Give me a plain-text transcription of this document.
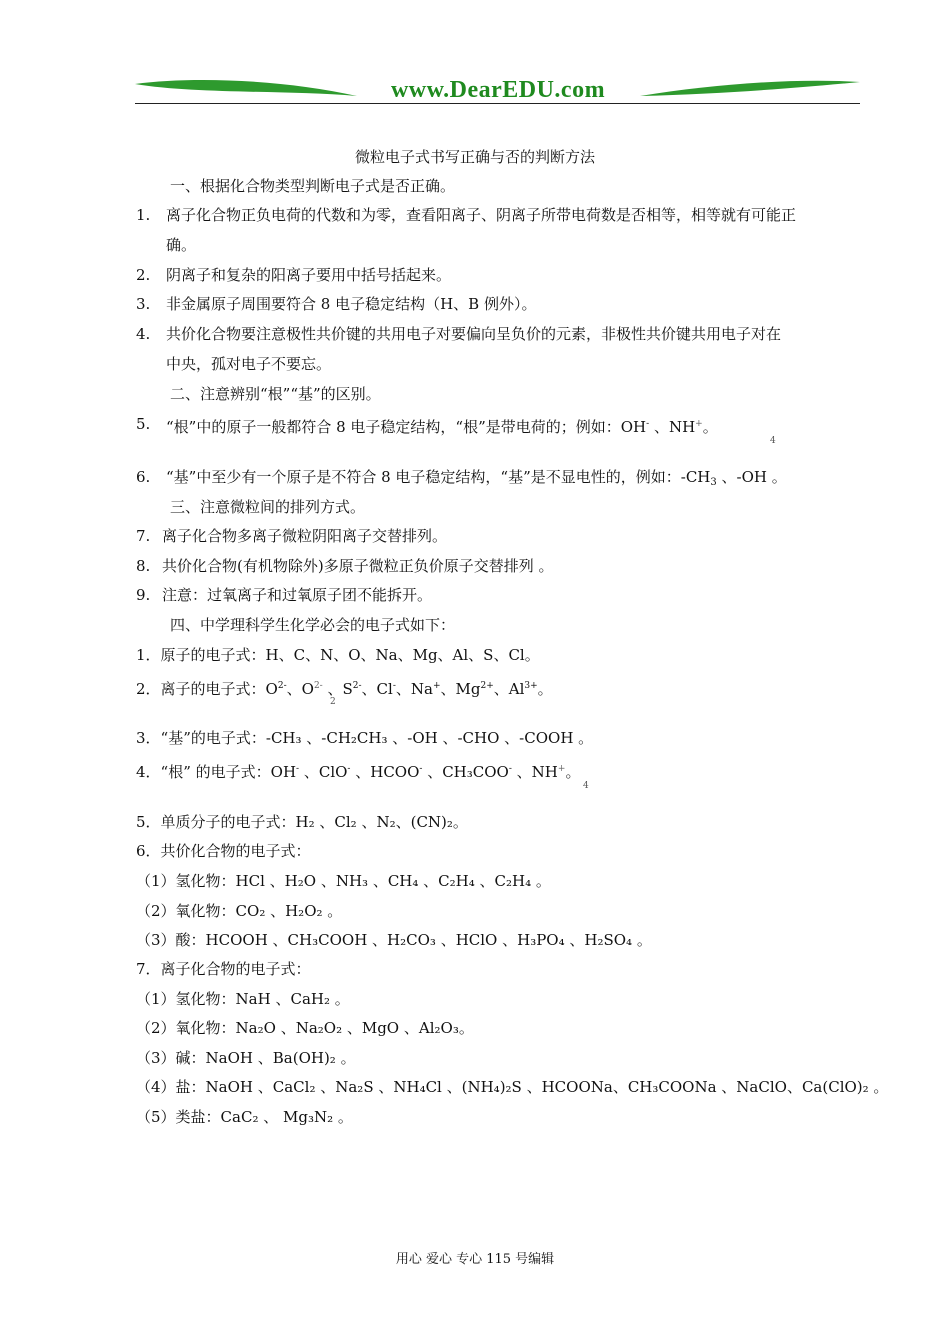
www.DearEDU.com
微粒电子式书写正确与否的判断方法
一、根据化合物类型判断电子式是否正确。
1. 离子化合物正负电荷的代数和为零，查看阳离子、阴离子所带电荷数是否相等，相等就有可能正
确。
2. 阴离子和复杂的阳离子要用中括号括起来。
3. 非金属原子周围要符合 8 电子稳定结构（H、B 例外）。
4. 共价化合物要注意极性共价键的共用电子对要偏向呈负价的元素，非极性共价键共用电子对在
中央，孤对电子不要忘。
二、注意辨别“根”“基”的区别。
5. “根”中的原子一般都符合 8 电子稳定结构，“根”是带电荷的；例如：OH- 、NH+。
4
6. “基”中至少有一个原子是不符合 8 电子稳定结构，“基”是不显电性的，例如：$-CH_3$ 、-OH 。
三、注意微粒间的排列方式。
7. 离子化合物多离子微粒阴阳离子交替排列。
8. 共价化合物(有机物除外)多原子微粒正负价原子交替排列 。
9. 注意：过氧离子和过氧原子团不能拆开。
四、中学理科学生化学必会的电子式如下：
1．原子的电子式：H、C、N、O、Na、Mg、Al、S、Cl。
2．离子的电子式：$O^{2-}$、$O^{2-}$ 、$S^{2-}$、Cl-、Na+、$Mg^{2+}$、$Al^{3+}$。
2
3．“基”的电子式：-CH₃ 、-CH₂CH₃ 、-OH 、-CHO 、-COOH 。
4．“根” 的电子式：OH- 、ClO- 、HCOO- 、CH₃COO- 、NH+。
4
5．单质分子的电子式：H₂ 、Cl₂ 、N₂、(CN)₂。
6．共价化合物的电子式：
（1）氢化物：HCl 、H₂O 、NH₃ 、CH₄ 、C₂H₄ 、C₂H₄ 。
（2）氧化物：CO₂ 、H₂O₂ 。
（3）酸：HCOOH 、CH₃COOH 、H₂CO₃ 、HClO 、H₃PO₄ 、H₂SO₄ 。
7．离子化合物的电子式：
（1）氢化物：NaH 、CaH₂ 。
（2）氧化物：Na₂O 、Na₂O₂ 、MgO 、Al₂O₃。
（3）碱：NaOH 、Ba(OH)₂ 。
（4）盐：NaOH 、CaCl₂ 、Na₂S 、NH₄Cl 、(NH₄)₂S 、HCOONa、CH₃COONa 、NaClO、Ca(ClO)₂ 。
（5）类盐：CaC₂ 、 Mg₃N₂ 。
用心 爱心 专心 115 号编辑
